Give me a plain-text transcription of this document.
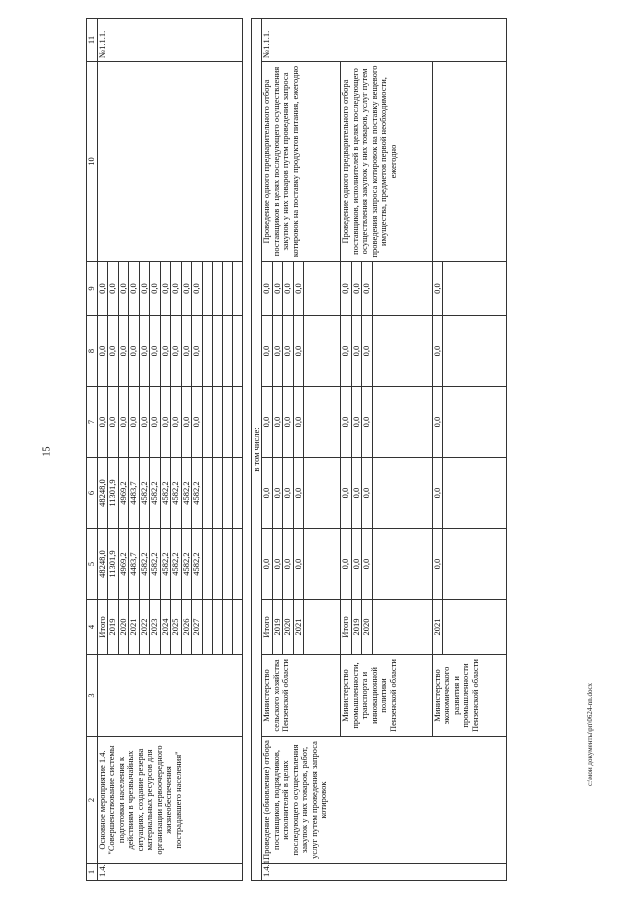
15
c:\мои документы\рп\0624-nn.docx
1	2	3	4	5	6	7	8	9	10	11
1.4.	Основное мероприятие 1.4. "Совершенствование системы подготовки населения к действиям в чрезвычайных ситуациях, создание резерва материальных ресурсов для организации первоочередного жизнеобеспечения пострадавшего населения"		Итого	48248,0	48248,0	0,0	0,0	0,0		№1.1.1.
			2019	11301,9	11301,9	0,0	0,0	0,0		
			2020	4969,2	4969,2	0,0	0,0	0,0		
			2021	4483,7	4483,7	0,0	0,0	0,0		
			2022	4582,2	4582,2	0,0	0,0	0,0		
			2023	4582,2	4582,2	0,0	0,0	0,0		
			2024	4582,2	4582,2	0,0	0,0	0,0		
			2025	4582,2	4582,2	0,0	0,0	0,0		
			2026	4582,2	4582,2	0,0	0,0	0,0		
			2027	4582,2	4582,2	0,0	0,0	0,0		

в том числе:										
1.4.1.	Проведение (обновление) отбора поставщиков, подрядчиков, исполнителей в целях последующего осуществления закупок у них товаров, работ, услуг путем проведения запроса котировок	Министерство сельского хозяйства Пензенской области	Итого	0,0	0,0	0,0	0,0	0,0	Проведение одного предварительного отбора поставщиков в целях последующего осуществления закупок у них товаров путем проведения запроса котировок на поставку продуктов питания, ежегодно	№1.1.1.
			2019	0,0	0,0	0,0	0,0	0,0		
			2020	0,0	0,0	0,0	0,0	0,0		
			2021	0,0	0,0	0,0	0,0	0,0		

		Министерство промышленности, транспорта и инновационной политики Пензенской области	Итого	0,0	0,0	0,0	0,0	0,0	Проведение одного предварительного отбора поставщиков, исполнителей в целях последующего осуществления закупок у них товаров, услуг путем проведения запроса котировок на поставку вещевого имущества, предметов первой необходимости, ежегодно	
			2019	0,0	0,0	0,0	0,0	0,0		
			2020	0,0	0,0	0,0	0,0	0,0		

		Министерство экономического развития и промышленности Пензенской области	2021	0,0	0,0	0,0	0,0	0,0		
